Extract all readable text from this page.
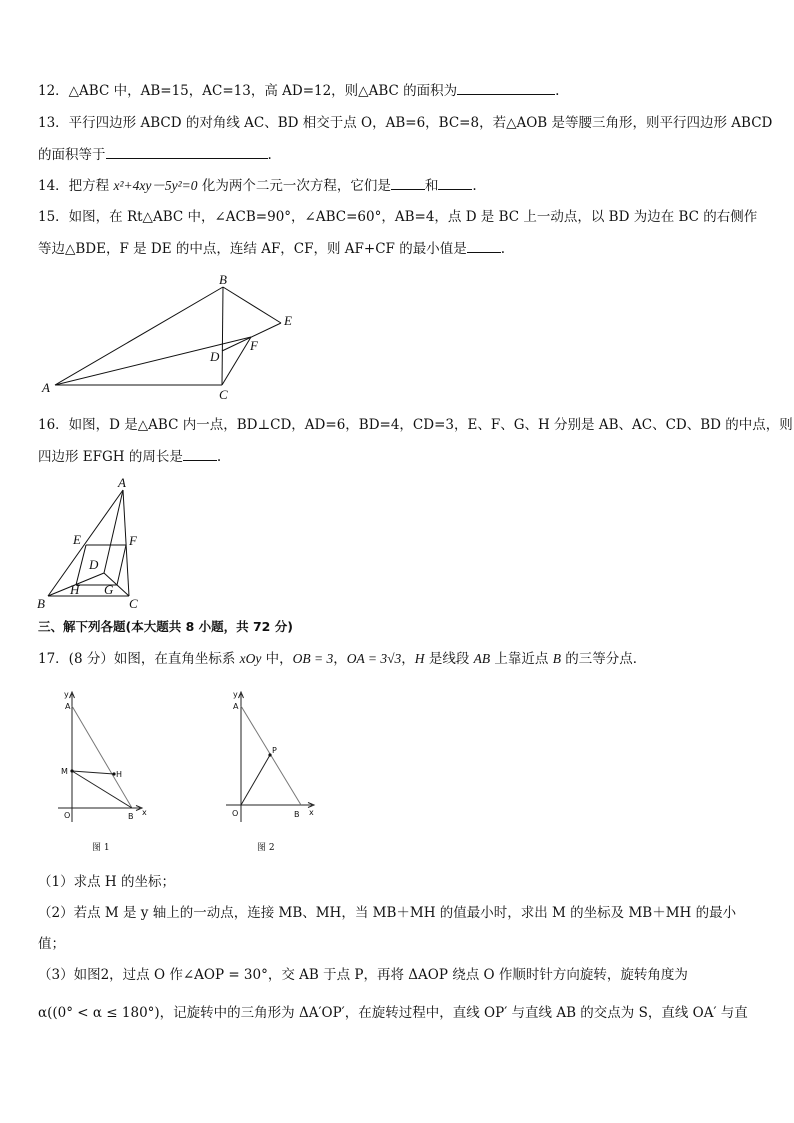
12．△ABC 中，AB=15，AC=13，高 AD=12，则△ABC 的面积为	.
13．平行四边形 ABCD 的对角线 AC、BD 相交于点 O，AB=6，BC=8，若△AOB 是等腰三角形，则平行四边形 ABCD
的面积等于	.
14．把方程 x²+4xy－5y²=0 化为两个二元一次方程，它们是	和	.
15．如图，在 Rt△ABC 中，∠ACB=90°，∠ABC=60°，AB=4，点 D 是 BC 上一动点，以 BD 为边在 BC 的右侧作
等边△BDE，F 是 DE 的中点，连结 AF，CF，则 AF+CF 的最小值是	.
B
E
F
D
A	C
16．如图，D 是△ABC 内一点，BD⊥CD，AD=6，BD=4，CD=3，E、F、G、H 分别是 AB、AC、CD、BD 的中点，则
四边形 EFGH 的周长是	.
A
E	F
D
H G
B	C
三、解下列各题(本大题共 8 小题，共 72 分)
17．(8 分）如图，在直角坐标系 xOy 中，OB = 3，OA = 3√3，H 是线段 AB 上靠近点 B 的三等分点．
y
A
M	H
O	B x
图 1
y
A
P
O	B x
图 2
（1）求点 H 的坐标；
（2）若点 M 是 y 轴上的一动点，连接 MB、MH，当 MB＋MH 的值最小时，求出 M 的坐标及 MB＋MH 的最小
值；
（3）如图2，过点 O 作∠AOP = 30°，交 AB 于点 P，再将 ΔAOP 绕点 O 作顺时针方向旋转，旋转角度为
α((0° < α ≤ 180°)，记旋转中的三角形为 ΔA′OP′，在旋转过程中，直线 OP′ 与直线 AB 的交点为 S，直线 OA′ 与直
